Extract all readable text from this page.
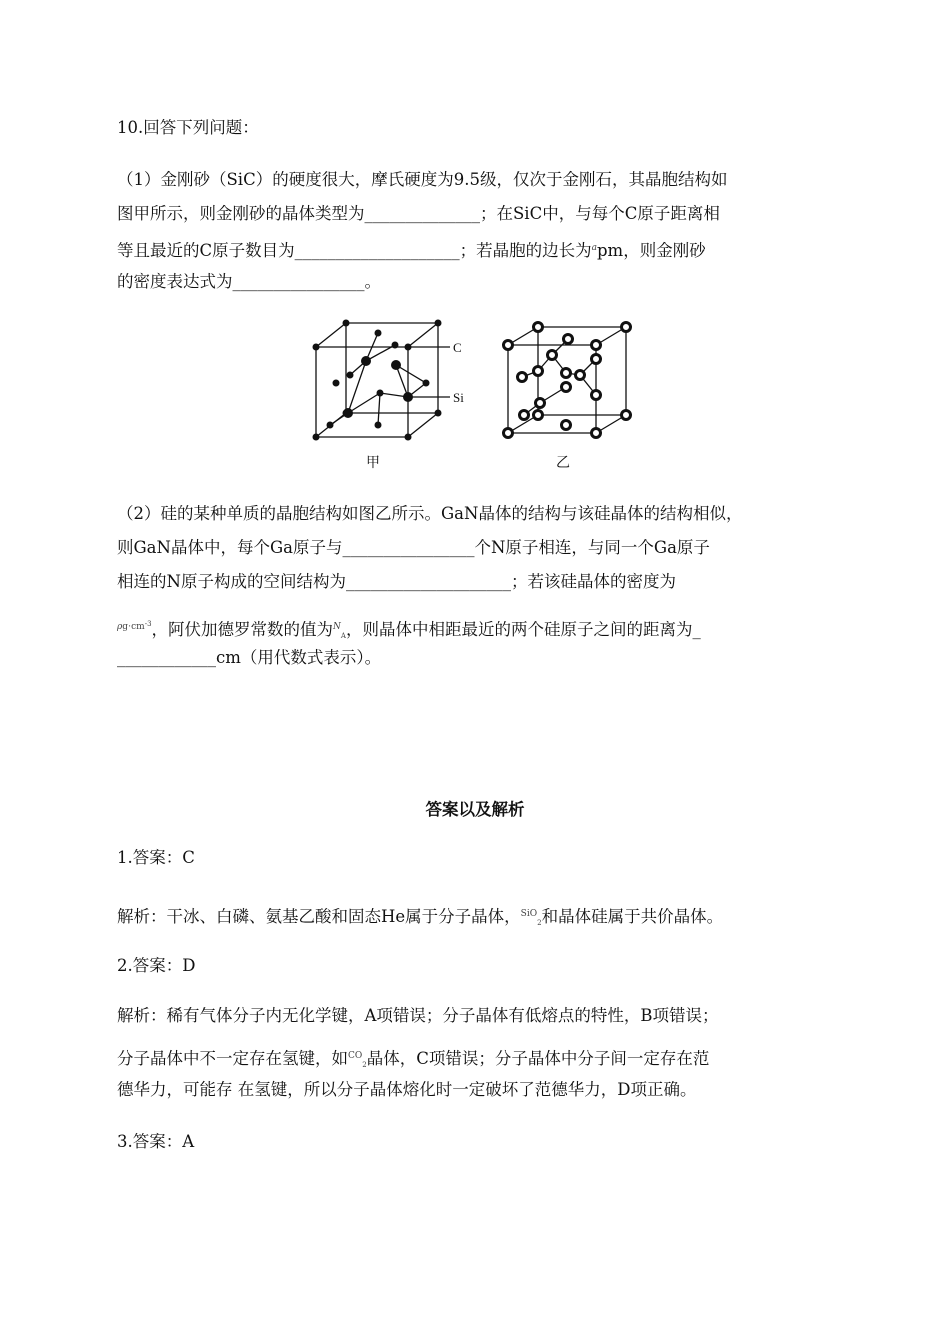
10.回答下列问题：
（1）金刚砂（SiC）的硬度很大，摩氏硬度为9.5级，仅次于金刚石，其晶胞结构如
图甲所示，则金刚砂的晶体类型为______________；在SiC中，与每个C原子距离相
等且最近的C原子数目为____________________；若晶胞的边长为$^a$pm，则金刚砂
的密度表达式为________________。
C
Si
甲	乙
（2）硅的某种单质的晶胞结构如图乙所示。GaN晶体的结构与该硅晶体的结构相似，
则GaN晶体中，每个Ga原子与________________个N原子相连，与同一个Ga原子
相连的N原子构成的空间结构为____________________；若该硅晶体的密度为
$^{\rho g\cdot cm-3}$，阿伏加德罗常数的值为$^N_A$，则晶体中相距最近的两个硅原子之间的距离为_
____________cm（用代数式表示）。
答案以及解析
1.答案：C
解析：干冰、白磷、氨基乙酸和固态He属于分子晶体，$^{SiO}_2$和晶体硅属于共价晶体。
2.答案：D
解析：稀有气体分子内无化学键，A项错误；分子晶体有低熔点的特性，B项错误；
分子晶体中不一定存在氢键，如$^{CO}_2$晶体，C项错误；分子晶体中分子间一定存在范
德华力，可能存 在氢键，所以分子晶体熔化时一定破坏了范德华力，D项正确。
3.答案：A
